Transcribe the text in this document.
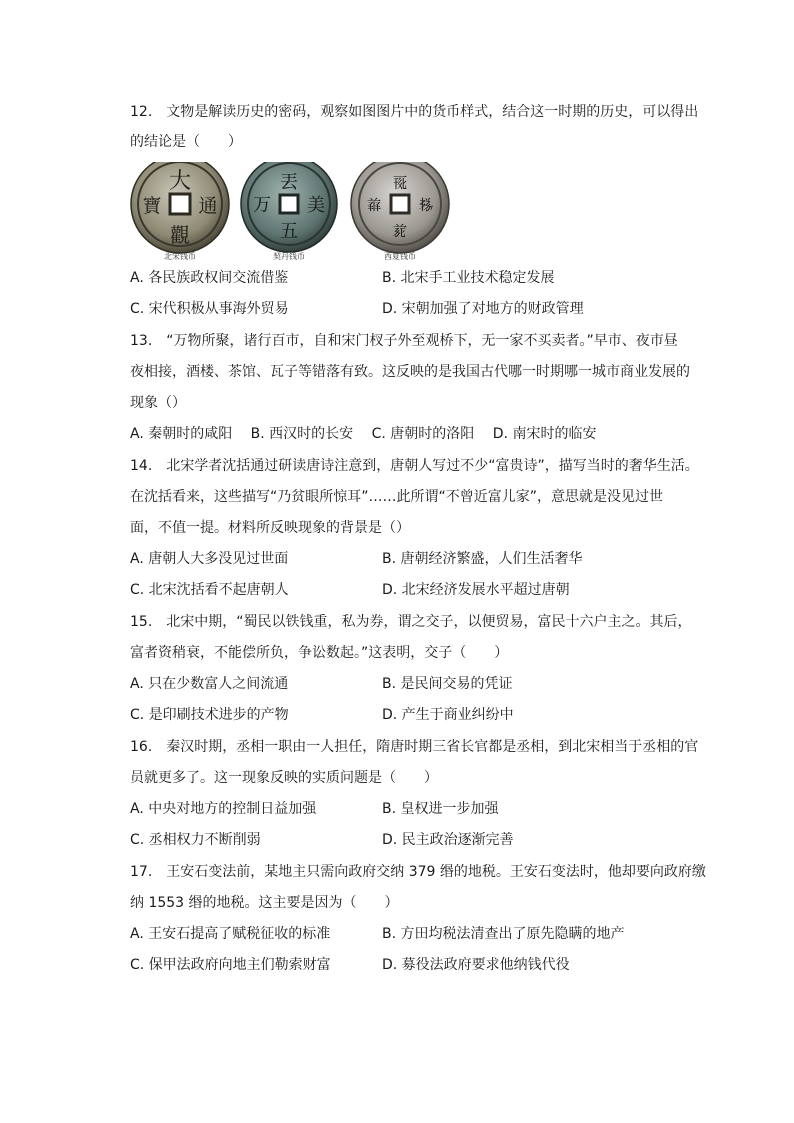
12.　文物是解读历史的密码，观察如图图片中的货币样式，结合这一时期的历史，可以得出
的结论是（　　）
大
通
觀
寶
北宋钱币
丟
美
五
万
契丹钱币
𗀔
𗈪
𗐱
𗒐
西夏钱币
A. 各民族政权间交流借鉴	B. 北宋手工业技术稳定发展
C. 宋代积极从事海外贸易	D. 宋朝加强了对地方的财政管理
13.　“万物所聚，诸行百市，自和宋门杈子外至观桥下，无一家不买卖者。”早市、夜市昼
夜相接，酒楼、茶馆、瓦子等错落有致。这反映的是我国古代哪一时期哪一城市商业发展的
现象（）
A. 秦朝时的咸阳　 B. 西汉时的长安　 C. 唐朝时的洛阳　 D. 南宋时的临安
14.　北宋学者沈括通过研读唐诗注意到，唐朝人写过不少“富贵诗”，描写当时的奢华生活。
在沈括看来，这些描写“乃贫眼所惊耳”……此所谓“不曾近富儿家”，意思就是没见过世
面，不值一提。材料所反映现象的背景是（）
A. 唐朝人大多没见过世面	B. 唐朝经济繁盛，人们生活奢华
C. 北宋沈括看不起唐朝人	D. 北宋经济发展水平超过唐朝
15.　北宋中期，“蜀民以铁钱重，私为券，谓之交子，以便贸易，富民十六户主之。其后，
富者资稍衰，不能偿所负，争讼数起。”这表明，交子（　　）
A. 只在少数富人之间流通	B. 是民间交易的凭证
C. 是印刷技术进步的产物	D. 产生于商业纠纷中
16.　秦汉时期，丞相一职由一人担任，隋唐时期三省长官都是丞相，到北宋相当于丞相的官
员就更多了。这一现象反映的实质问题是（　　）
A. 中央对地方的控制日益加强	B. 皇权进一步加强
C. 丞相权力不断削弱	D. 民主政治逐渐完善
17.　王安石变法前，某地主只需向政府交纳 379 缗的地税。王安石变法时，他却要向政府缴
纳 1553 缗的地税。这主要是因为（　　）
A. 王安石提高了赋税征收的标准	B. 方田均税法清查出了原先隐瞒的地产
C. 保甲法政府向地主们勒索财富	D. 募役法政府要求他纳钱代役
